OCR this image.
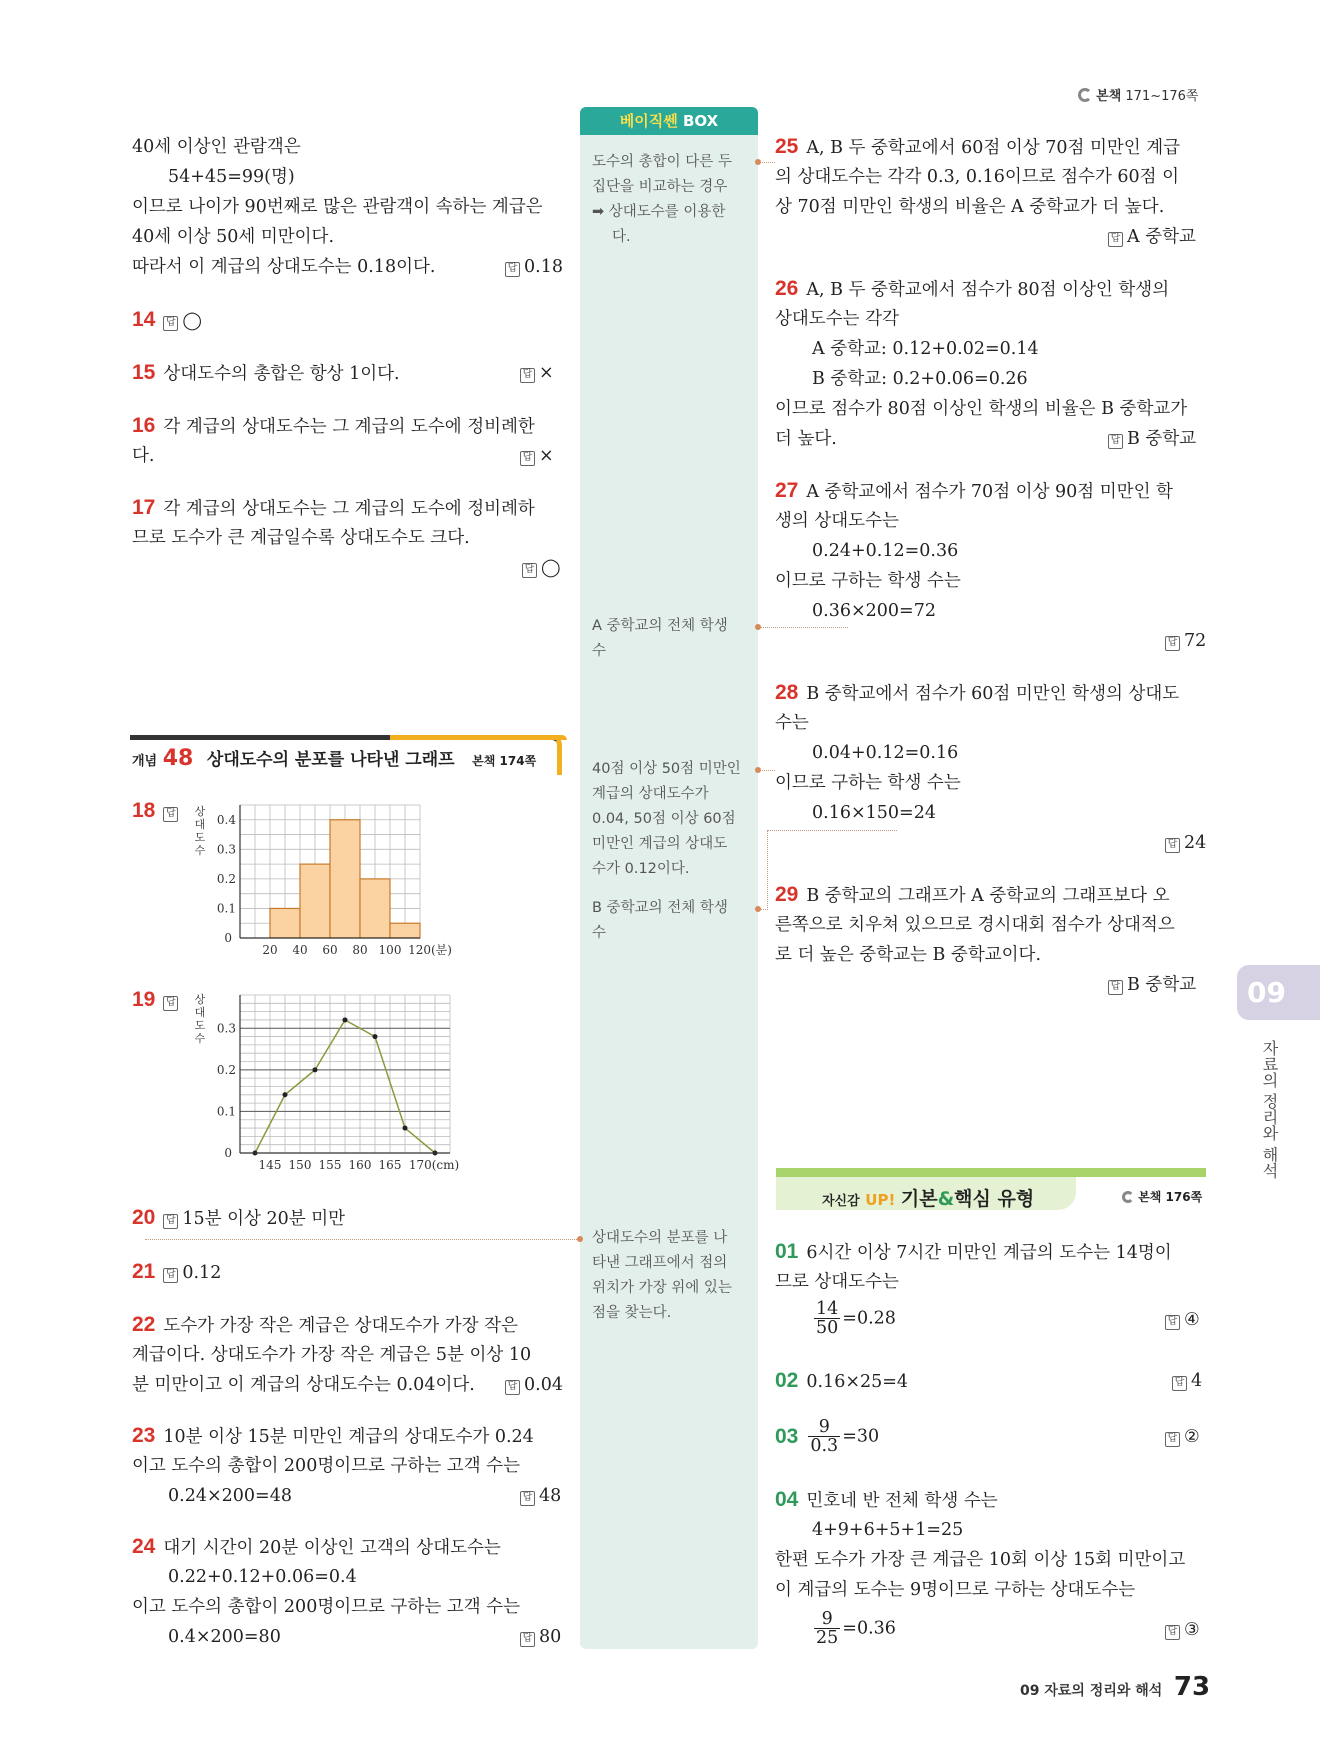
본책 171~176쪽
베이직쎈 BOX
도수의 총합이 다른 두
집단을 비교하는 경우
➡ 상대도수를 이용한
다.
A 중학교의 전체 학생
수
40점 이상 50점 미만인
계급의 상대도수가
0.04, 50점 이상 60점
미만인 계급의 상대도
수가 0.12이다.
B 중학교의 전체 학생
수
상대도수의 분포를 나
타낸 그래프에서 점의
위치가 가장 위에 있는
점을 찾는다.
40세 이상인 관람객은
54+45=99(명)
이므로 나이가 90번째로 많은 관람객이 속하는 계급은
40세 이상 50세 미만이다.
따라서 이 계급의 상대도수는 0.18이다.	답 0.18
14 답 ◯
15 상대도수의 총합은 항상 1이다.	답 ×
16 각 계급의 상대도수는 그 계급의 도수에 정비례한
다.	답 ×
17 각 계급의 상대도수는 그 계급의 도수에 정비례하
므로 도수가 큰 계급일수록 상대도수도 크다.
답 ◯
개념 48 상대도수의 분포를 나타낸 그래프 본책 174쪽
18 답
0.1
0.2
0.3
0.4
0
20 40 60 80 100 120(분)
상
대
도
수
19 답
0.1
0.2
0.3
0
145 150 155 160 165 170(cm)
상
대
도
수
20 답 15분 이상 20분 미만
21 답 0.12
22 도수가 가장 작은 계급은 상대도수가 가장 작은
계급이다. 상대도수가 가장 작은 계급은 5분 이상 10
분 미만이고 이 계급의 상대도수는 0.04이다.	답 0.04
23 10분 이상 15분 미만인 계급의 상대도수가 0.24
이고 도수의 총합이 200명이므로 구하는 고객 수는
0.24×200=48	답 48
24 대기 시간이 20분 이상인 고객의 상대도수는
0.22+0.12+0.06=0.4
이고 도수의 총합이 200명이므로 구하는 고객 수는
0.4×200=80	답 80
25 A, B 두 중학교에서 60점 이상 70점 미만인 계급
의 상대도수는 각각 0.3, 0.16이므로 점수가 60점 이
상 70점 미만인 학생의 비율은 A 중학교가 더 높다.
답 A 중학교
26 A, B 두 중학교에서 점수가 80점 이상인 학생의
상대도수는 각각
A 중학교: 0.12+0.02=0.14
B 중학교: 0.2+0.06=0.26
이므로 점수가 80점 이상인 학생의 비율은 B 중학교가
더 높다.	답 B 중학교
27 A 중학교에서 점수가 70점 이상 90점 미만인 학
생의 상대도수는
0.24+0.12=0.36
이므로 구하는 학생 수는
0.36×200=72
답 72
28 B 중학교에서 점수가 60점 미만인 학생의 상대도
수는
0.04+0.12=0.16
이므로 구하는 학생 수는
0.16×150=24
답 24
29 B 중학교의 그래프가 A 중학교의 그래프보다 오
른쪽으로 치우쳐 있으므로 경시대회 점수가 상대적으
로 더 높은 중학교는 B 중학교이다.
답 B 중학교
자신감 UP! 기본&핵심 유형	본책 176쪽
01 6시간 이상 7시간 미만인 계급의 도수는 14명이
므로 상대도수는
$\frac{14}{50} =0.28$	답 ④
02 0.16×25=4	답 4
$03 \frac{9}{0.3} =30$	답 ②
04 민호네 반 전체 학생 수는
4+9+6+5+1=25
한편 도수가 가장 큰 계급은 10회 이상 15회 미만이고
이 계급의 도수는 9명이므로 구하는 상대도수는
$\frac{9}{25} =0.36$	답 ③
09
자료의 정리와 해석
09 자료의 정리와 해석 73
